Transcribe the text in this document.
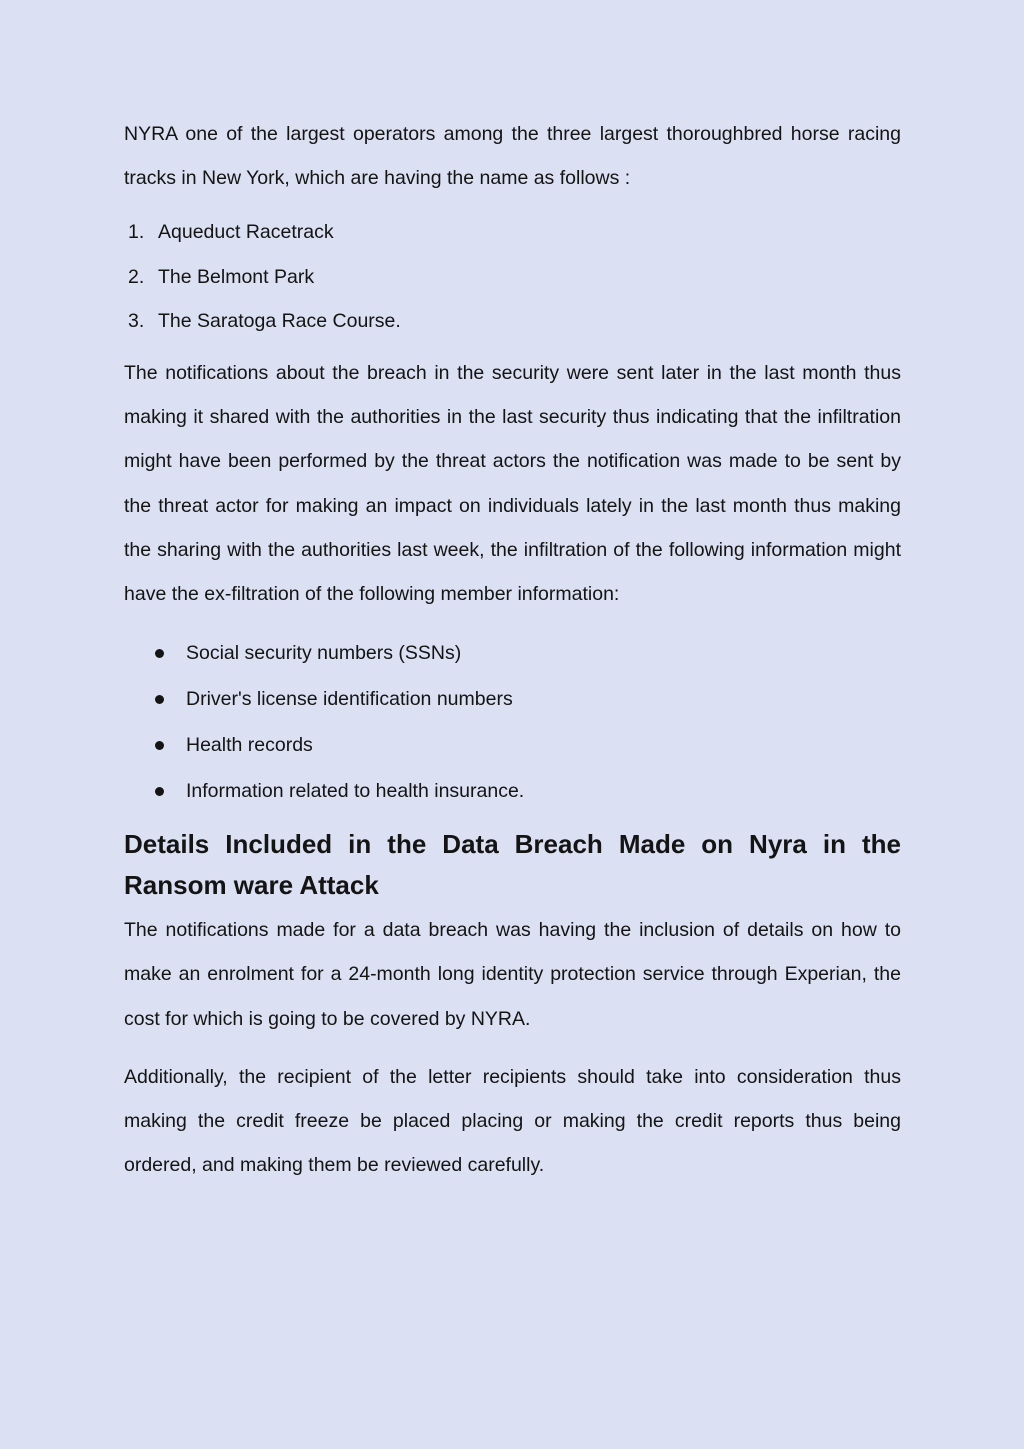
NYRA one of the largest operators among the three largest thoroughbred horse racing tracks in New York, which are having the name as follows :

1. Aqueduct Racetrack
2. The Belmont Park
3. The Saratoga Race Course.

The notifications about the breach in the security were sent later in the last month thus making it shared with the authorities in the last security thus indicating that the infiltration might have been performed by the threat actors the notification was made to be sent by the threat actor for making an impact on individuals lately in the last month thus making the sharing with the authorities last week, the infiltration of the following information might have the ex-filtration of the following member information:

Social security numbers (SSNs)
Driver's license identification numbers
Health records
Information related to health insurance.
Details Included in the Data Breach Made on Nyra in the Ransom ware Attack

The notifications made for a data breach was having the inclusion of details on how to make an enrolment for a 24-month long identity protection service through Experian, the cost for which is going to be covered by NYRA.

Additionally, the recipient of the letter recipients should take into consideration thus making the credit freeze be placed placing or making the credit reports thus being ordered, and making them be reviewed carefully.
